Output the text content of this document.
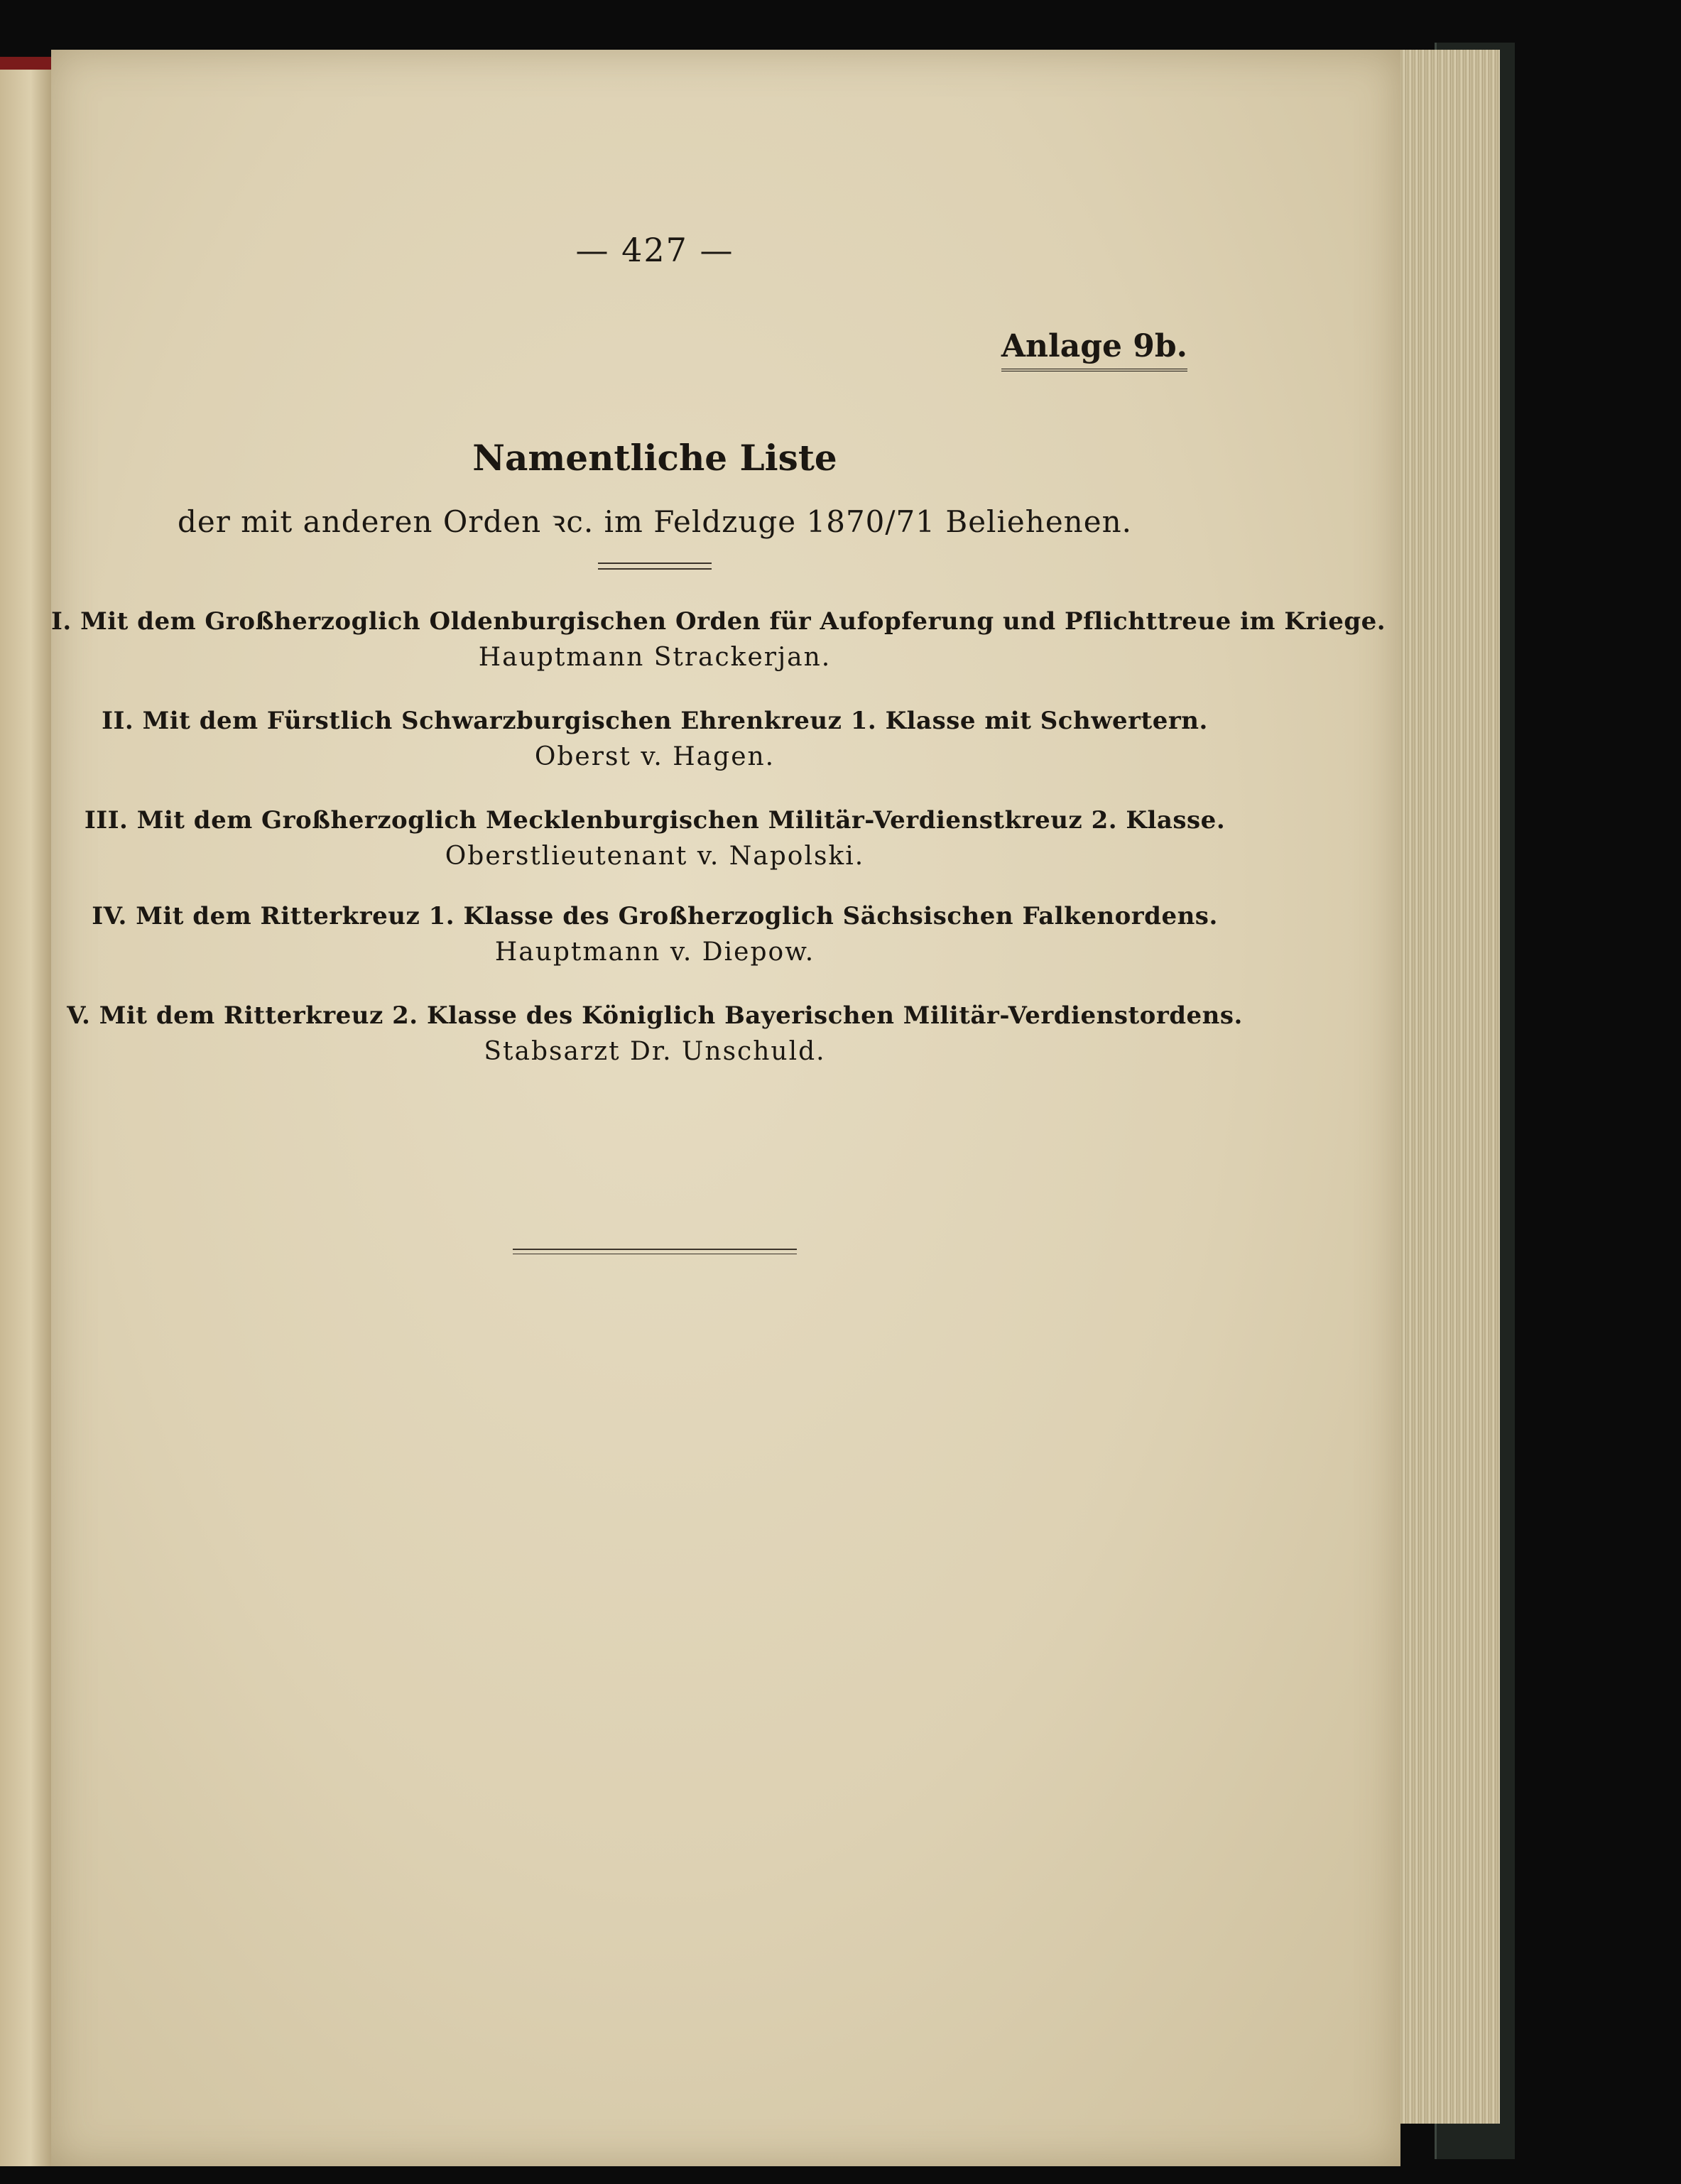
— 427 —
Anlage 9b.
Namentliche Liste
der mit anderen Orden ꝛc. im Feldzuge 1870/71 Beliehenen.
I. Mit dem Großherzoglich Oldenburgischen Orden für Aufopferung und Pflichttreue im Kriege.
Hauptmann Strackerjan.
II. Mit dem Fürstlich Schwarzburgischen Ehrenkreuz 1. Klasse mit Schwertern.
Oberst v. Hagen.
III. Mit dem Großherzoglich Mecklenburgischen Militär-Verdienstkreuz 2. Klasse.
Oberstlieutenant v. Napolski.
IV. Mit dem Ritterkreuz 1. Klasse des Großherzoglich Sächsischen Falkenordens.
Hauptmann v. Diepow.
V. Mit dem Ritterkreuz 2. Klasse des Königlich Bayerischen Militär-Verdienstordens.
Stabsarzt Dr. Unschuld.
